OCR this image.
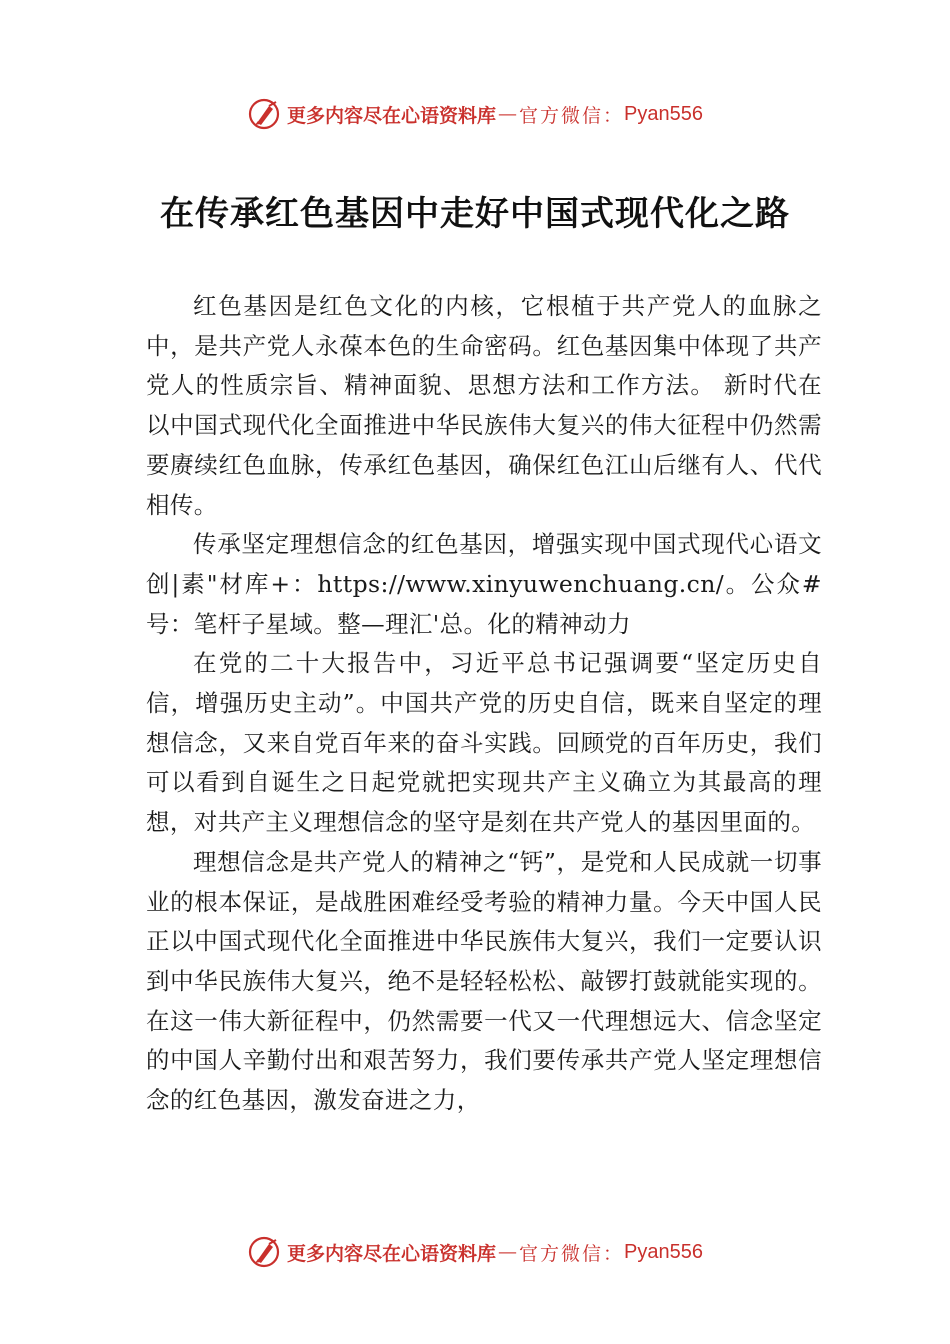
更多内容尽在心语资料库 — 官方微信： Pyan556
在传承红色基因中走好中国式现代化之路

红色基因是红色文化的内核，它根植于共产党人的血脉之中，是共产党人永葆本色的生命密码。红色基因集中体现了共产党人的性质宗旨、精神面貌、思想方法和工作方法。 新时代在以中国式现代化全面推进中华民族伟大复兴的伟大征程中仍然需要赓续红色血脉，传承红色基因，确保红色江山后继有人、代代相传。

传承坚定理想信念的红色基因，增强实现中国式现代心语文创|素"材库+：https://www.xinyuwenchuang.cn/。公众#号：笔杆子星域。整—理汇'总。化的精神动力

在党的二十大报告中，习近平总书记强调要“坚定历史自信，增强历史主动”。中国共产党的历史自信，既来自坚定的理想信念，又来自党百年来的奋斗实践。回顾党的百年历史，我们可以看到自诞生之日起党就把实现共产主义确立为其最高的理想，对共产主义理想信念的坚守是刻在共产党人的基因里面的。

理想信念是共产党人的精神之“钙”，是党和人民成就一切事业的根本保证，是战胜困难经受考验的精神力量。今天中国人民正以中国式现代化全面推进中华民族伟大复兴，我们一定要认识到中华民族伟大复兴，绝不是轻轻松松、敲锣打鼓就能实现的。在这一伟大新征程中，仍然需要一代又一代理想远大、信念坚定的中国人辛勤付出和艰苦努力，我们要传承共产党人坚定理想信念的红色基因，激发奋进之力，

更多内容尽在心语资料库 — 官方微信： Pyan556
